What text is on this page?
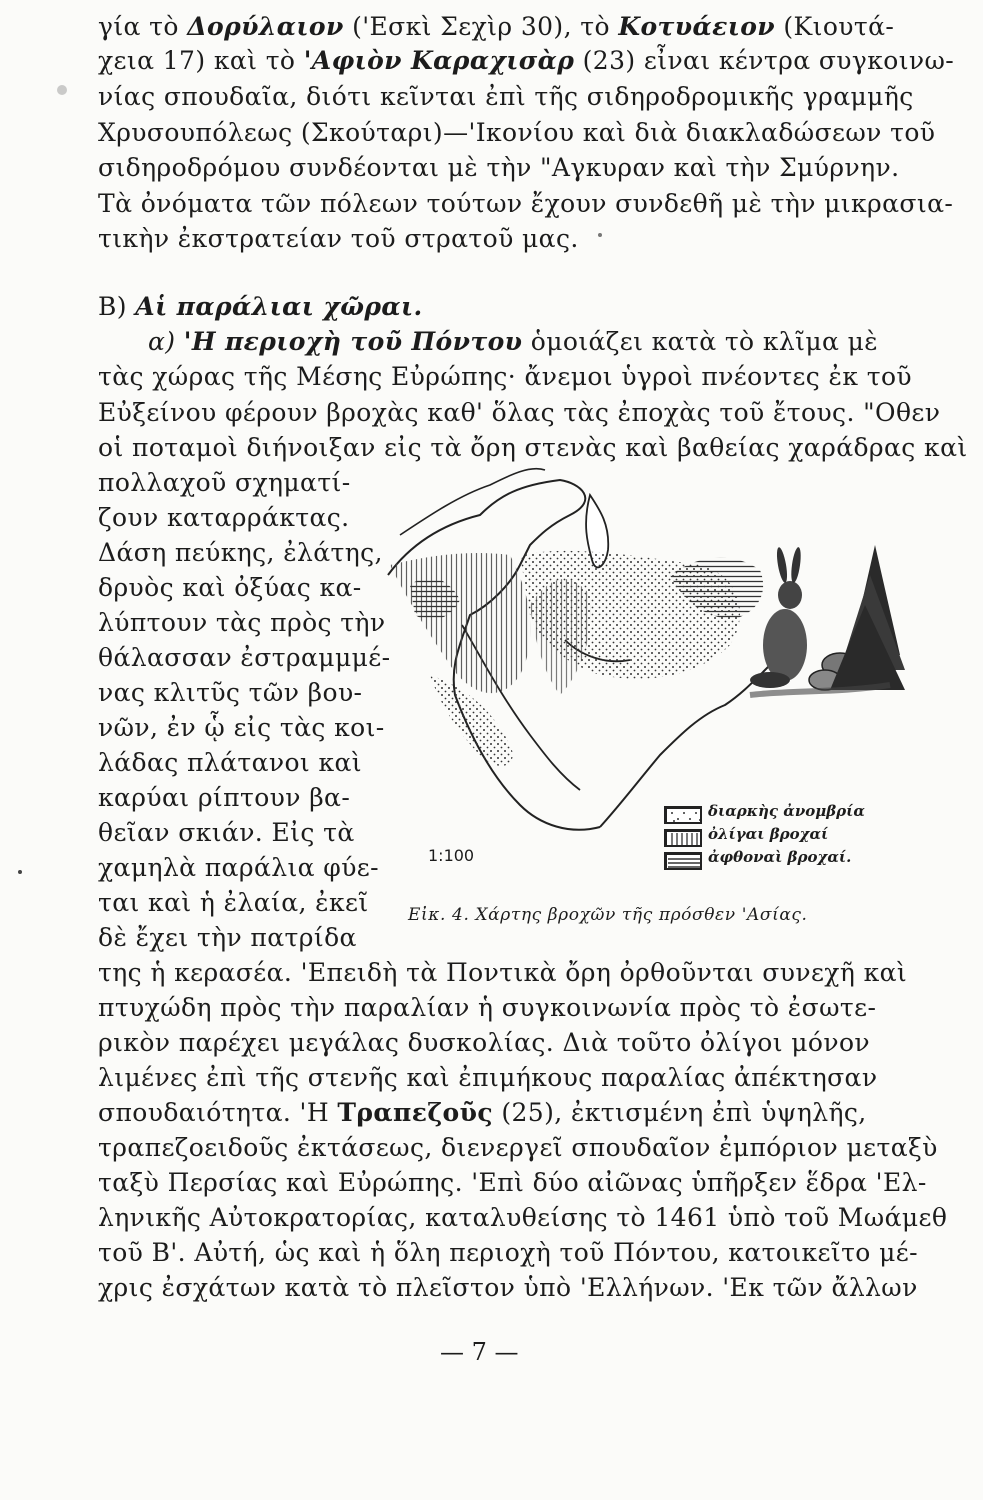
γία τὸ Δορύλαιον ('Εσκὶ Σεχὶρ 30), τὸ Κοτυάειον (Κιουτά-
χεια 17) καὶ τὸ 'Αφιὸν Καραχισὰρ (23) εἶναι κέντρα συγκοινω-
νίας σπουδαῖα, διότι κεῖνται ἐπὶ τῆς σιδηροδρομικῆς γραμμῆς
Χρυσουπόλεως (Σκούταρι)—'Ικονίου καὶ διὰ διακλαδώσεων τοῦ
σιδηροδρόμου συνδέονται μὲ τὴν "Αγκυραν καὶ τὴν Σμύρνην.
Τὰ ὀνόματα τῶν πόλεων τούτων ἔχουν συνδεθῆ μὲ τὴν μικρασια-
τικὴν ἐκστρατείαν τοῦ στρατοῦ μας.
Β) Αἱ παράλιαι χῶραι.
α) 'Η περιοχὴ τοῦ Πόντου ὁμοιάζει κατὰ τὸ κλῖμα μὲ
τὰς χώρας τῆς Μέσης Εὐρώπης· ἄνεμοι ὑγροὶ πνέοντες ἐκ τοῦ
Εὐξείνου φέρουν βροχὰς καθ' ὅλας τὰς ἐποχὰς τοῦ ἔτους. "Οθεν
οἱ ποταμοὶ διήνοιξαν εἰς τὰ ὄρη στενὰς καὶ βαθείας χαράδρας καὶ
πολλαχοῦ σχηματί-
ζουν καταρράκτας.
Δάση πεύκης, ἐλάτης,
δρυὸς καὶ ὀξύας κα-
λύπτουν τὰς πρὸς τὴν
θάλασσαν ἐστραμμμέ-
νας κλιτῦς τῶν βου-
νῶν, ἐν ᾧ εἰς τὰς κοι-
λάδας πλάτανοι καὶ
καρύαι ρίπτουν βα-
θεῖαν σκιάν. Εἰς τὰ
χαμηλὰ παράλια φύε-
ται καὶ ἡ ἐλαία, ἐκεῖ
δὲ ἔχει τὴν πατρίδα
διαρκὴς ἀνομβρία
ὀλίγαι βροχαί
ἀφθοναὶ βροχαί.
1:100
Εἰκ. 4. Χάρτης βροχῶν τῆς πρόσθεν 'Ασίας.
της ἡ κερασέα. 'Επειδὴ τὰ Ποντικὰ ὄρη ὀρθοῦνται συνεχῆ καὶ
πτυχώδη πρὸς τὴν παραλίαν ἡ συγκοινωνία πρὸς τὸ ἐσωτε-
ρικὸν παρέχει μεγάλας δυσκολίας. Διὰ τοῦτο ὀλίγοι μόνον
λιμένες ἐπὶ τῆς στενῆς καὶ ἐπιμήκους παραλίας ἀπέκτησαν
σπουδαιότητα. 'Η Τραπεζοῦς (25), ἐκτισμένη ἐπὶ ὑψηλῆς,
τραπεζοειδοῦς ἐκτάσεως, διενεργεῖ σπουδαῖον ἐμπόριον μεταξὺ
ταξὺ Περσίας καὶ Εὐρώπης. 'Επὶ δύο αἰῶνας ὑπῆρξεν ἕδρα 'Ελ-
ληνικῆς Αὐτοκρατορίας, καταλυθείσης τὸ 1461 ὑπὸ τοῦ Μωάμεθ
τοῦ Β'. Αὐτή, ὡς καὶ ἡ ὅλη περιοχὴ τοῦ Πόντου, κατοικεῖτο μέ-
χρις ἐσχάτων κατὰ τὸ πλεῖστον ὑπὸ 'Ελλήνων. 'Εκ τῶν ἄλλων
— 7 —
